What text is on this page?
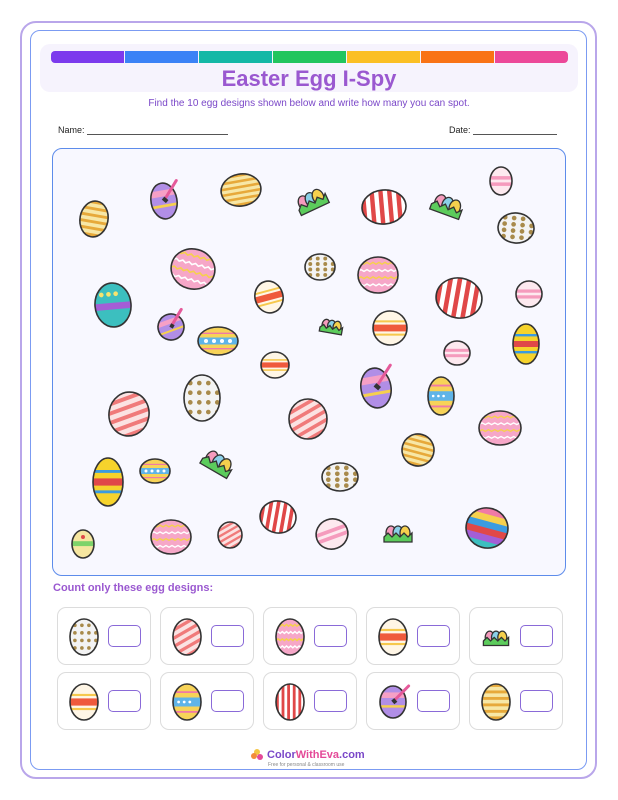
Easter Egg I-Spy
Find the 10 egg designs shown below and write how many you can spot.
Name:	Date:
Count only these egg designs:
ColorWithEva.com
Free for personal & classroom use
